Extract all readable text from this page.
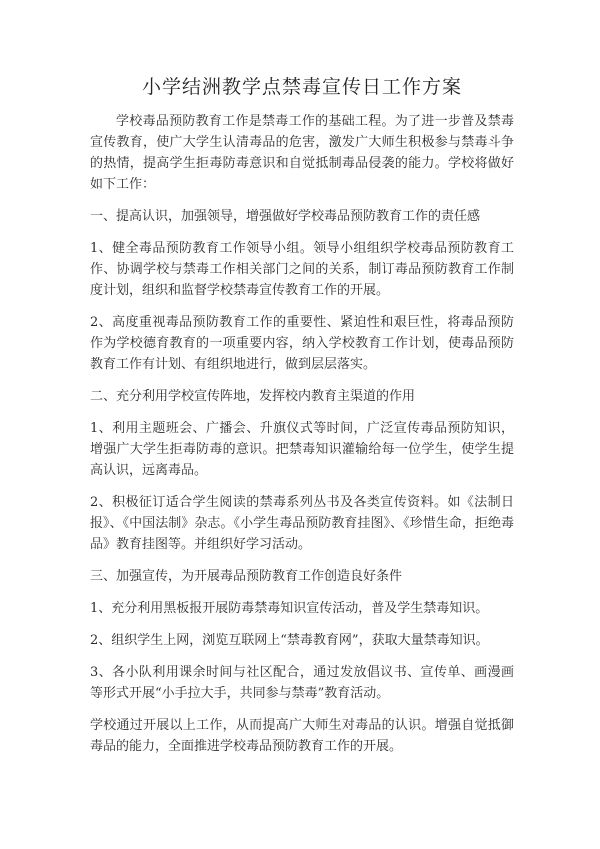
小学结洲教学点禁毒宣传日工作方案

学校毒品预防教育工作是禁毒工作的基础工程。为了进一步普及禁毒宣传教育，使广大学生认清毒品的危害，激发广大师生积极参与禁毒斗争的热情，提高学生拒毒防毒意识和自觉抵制毒品侵袭的能力。学校将做好如下工作：

一、提高认识，加强领导，增强做好学校毒品预防教育工作的责任感

1、健全毒品预防教育工作领导小组。领导小组组织学校毒品预防教育工作、协调学校与禁毒工作相关部门之间的关系，制订毒品预防教育工作制度计划，组织和监督学校禁毒宣传教育工作的开展。

2、高度重视毒品预防教育工作的重要性、紧迫性和艰巨性，将毒品预防作为学校德育教育的一项重要内容，纳入学校教育工作计划，使毒品预防教育工作有计划、有组织地进行，做到层层落实。

二、充分利用学校宣传阵地，发挥校内教育主渠道的作用

1、利用主题班会、广播会、升旗仪式等时间，广泛宣传毒品预防知识，增强广大学生拒毒防毒的意识。把禁毒知识灌输给每一位学生，使学生提高认识，远离毒品。

2、积极征订适合学生阅读的禁毒系列丛书及各类宣传资料。如《法制日报》、《中国法制》杂志。《小学生毒品预防教育挂图》、《珍惜生命，拒绝毒品》教育挂图等。并组织好学习活动。

三、加强宣传，为开展毒品预防教育工作创造良好条件

1、充分利用黑板报开展防毒禁毒知识宣传活动，普及学生禁毒知识。

2、组织学生上网，浏览互联网上“禁毒教育网”，获取大量禁毒知识。

3、各小队利用课余时间与社区配合，通过发放倡议书、宣传单、画漫画等形式开展“小手拉大手，共同参与禁毒”教育活动。

学校通过开展以上工作，从而提高广大师生对毒品的认识。增强自觉抵御毒品的能力，全面推进学校毒品预防教育工作的开展。
